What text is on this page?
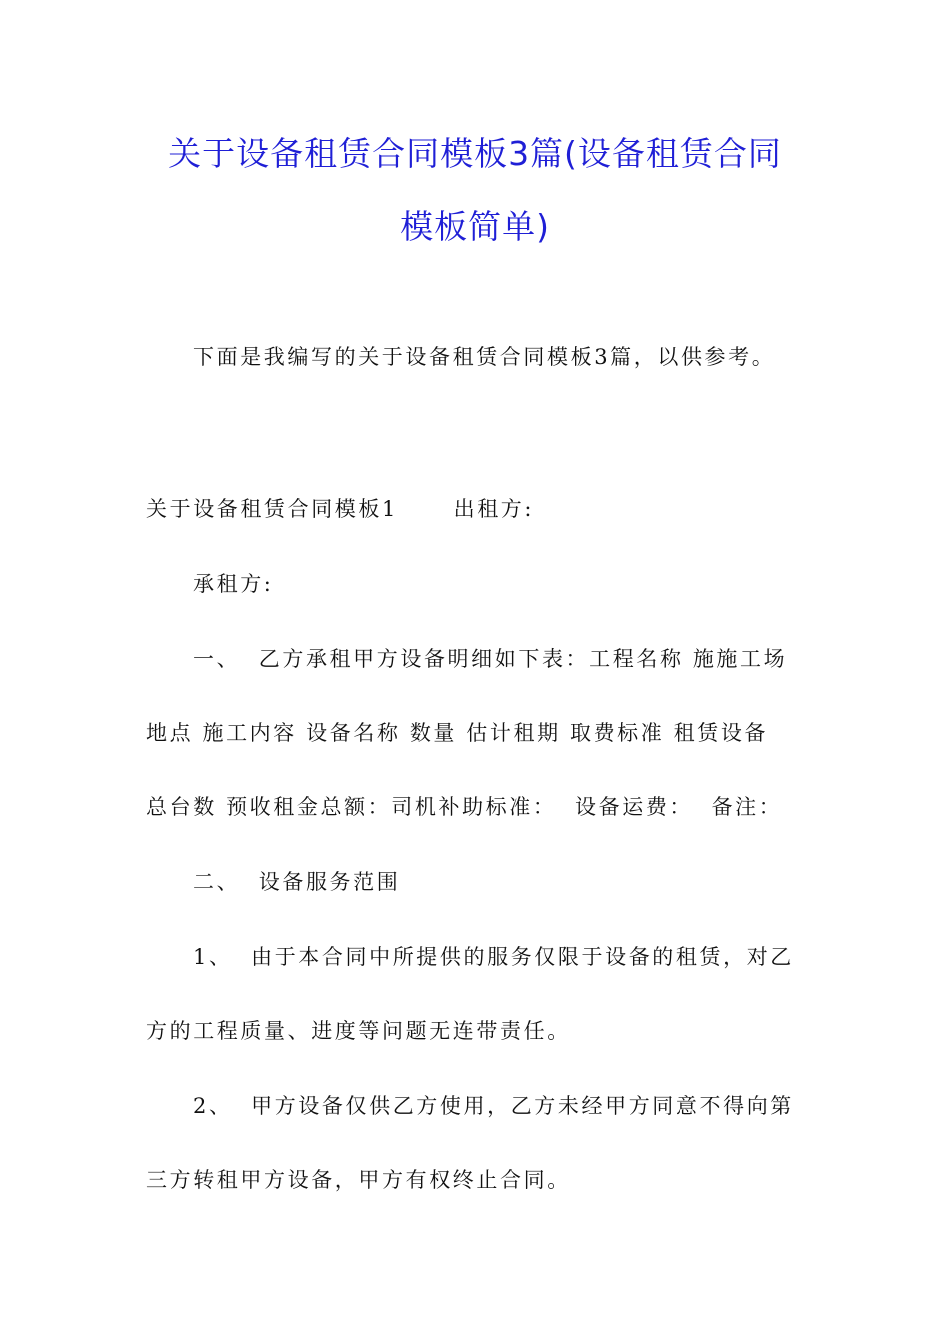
关于设备租赁合同模板3篇(设备租赁合同
模板简单)
下面是我编写的关于设备租赁合同模板3篇，以供参考。
关于设备租赁合同模板1      出租方:
承租方:
一、  乙方承租甲方设备明细如下表：工程名称 施施工场
地点 施工内容 设备名称 数量 估计租期 取费标准 租赁设备
总台数 预收租金总额：司机补助标准：  设备运费：  备注：
二、  设备服务范围
1、  由于本合同中所提供的服务仅限于设备的租赁，对乙
方的工程质量、进度等问题无连带责任。
2、  甲方设备仅供乙方使用，乙方未经甲方同意不得向第
三方转租甲方设备，甲方有权终止合同。
